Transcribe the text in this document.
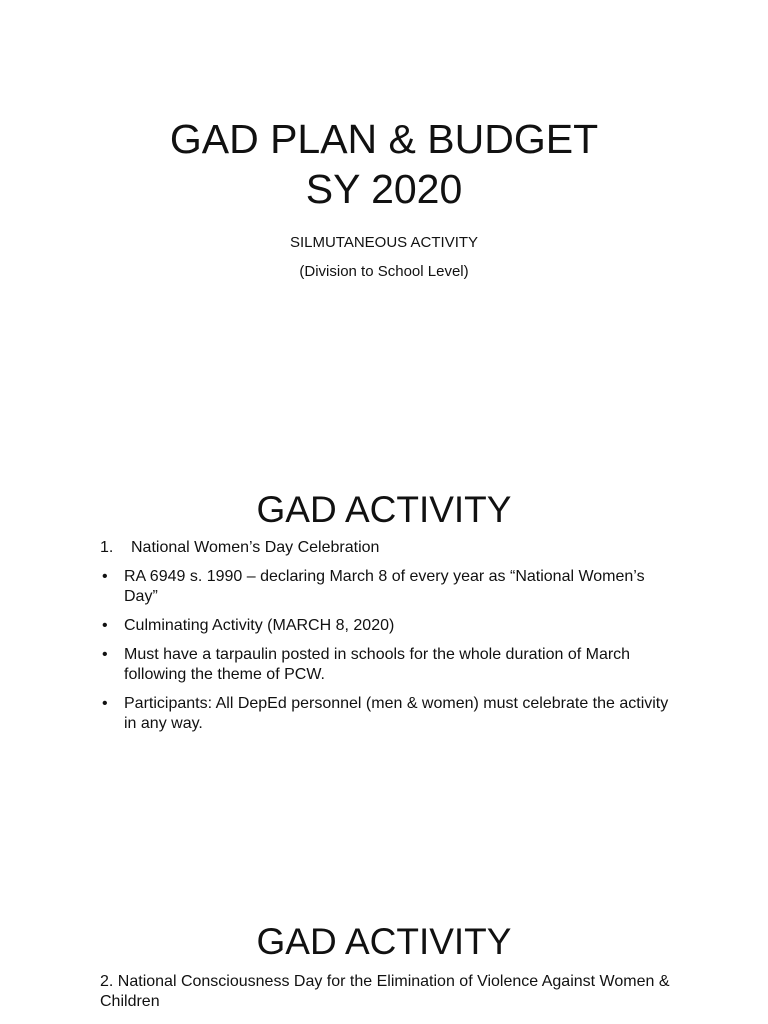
GAD PLAN & BUDGET
SY 2020
SILMUTANEOUS ACTIVITY
(Division to School Level)
GAD ACTIVITY
1. National Women’s Day Celebration
• RA 6949 s. 1990 – declaring March 8 of every year as “National Women’s Day”
• Culminating Activity (MARCH 8, 2020)
• Must have a tarpaulin posted in schools for the whole duration of March following the theme of PCW.
• Participants: All DepEd personnel (men & women) must celebrate the activity in any way.
GAD ACTIVITY
2. National Consciousness Day for the Elimination of Violence Against Women & Children
